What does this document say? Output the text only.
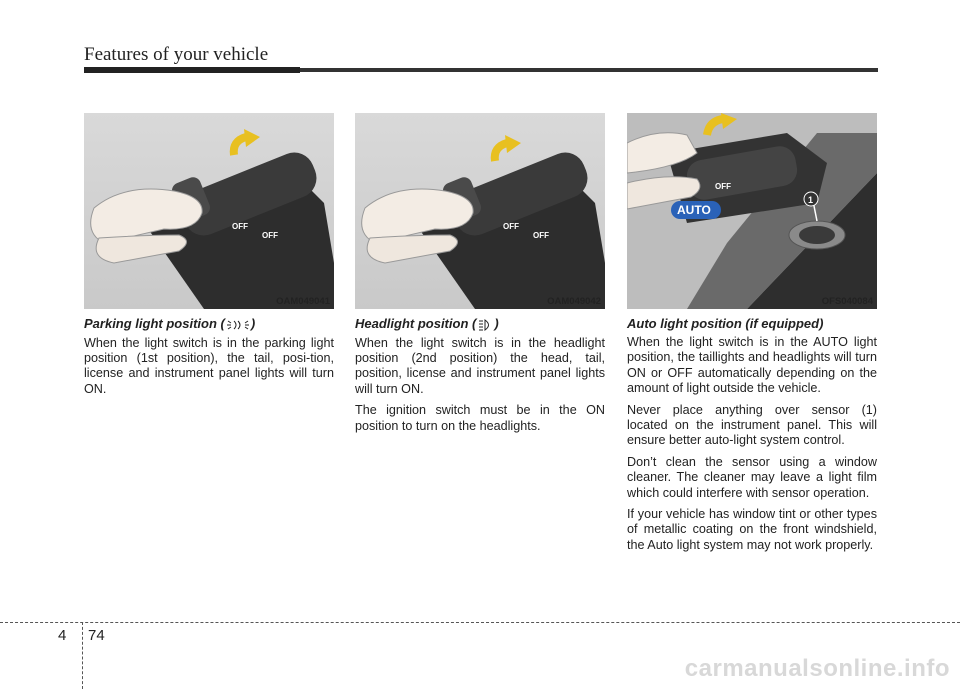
Features of your vehicle
OFF
OFF
OAM049041
OFF
OFF
OAM049042
AUTO
1
OFF
OFS040084
Parking light position ( )

When the light switch is in the parking light position (1st position), the tail, posi-tion, license and instrument panel lights will turn ON.

Headlight position ( )

When the light switch is in the headlight position (2nd position) the head, tail, position, license and instrument panel lights will turn ON.

The ignition switch must be in the ON position to turn on the headlights.

Auto light position (if equipped)

When the light switch is in the AUTO light position, the taillights and headlights will turn ON or OFF automatically depending on the amount of light outside the vehicle.

Never place anything over sensor (1) located on the instrument panel. This will ensure better auto-light system control.

Don’t clean the sensor using a window cleaner. The cleaner may leave a light film which could interfere with sensor operation.

If your vehicle has window tint or other types of metallic coating on the front windshield, the Auto light system may not work properly.

4 74
carmanualsonline.info
